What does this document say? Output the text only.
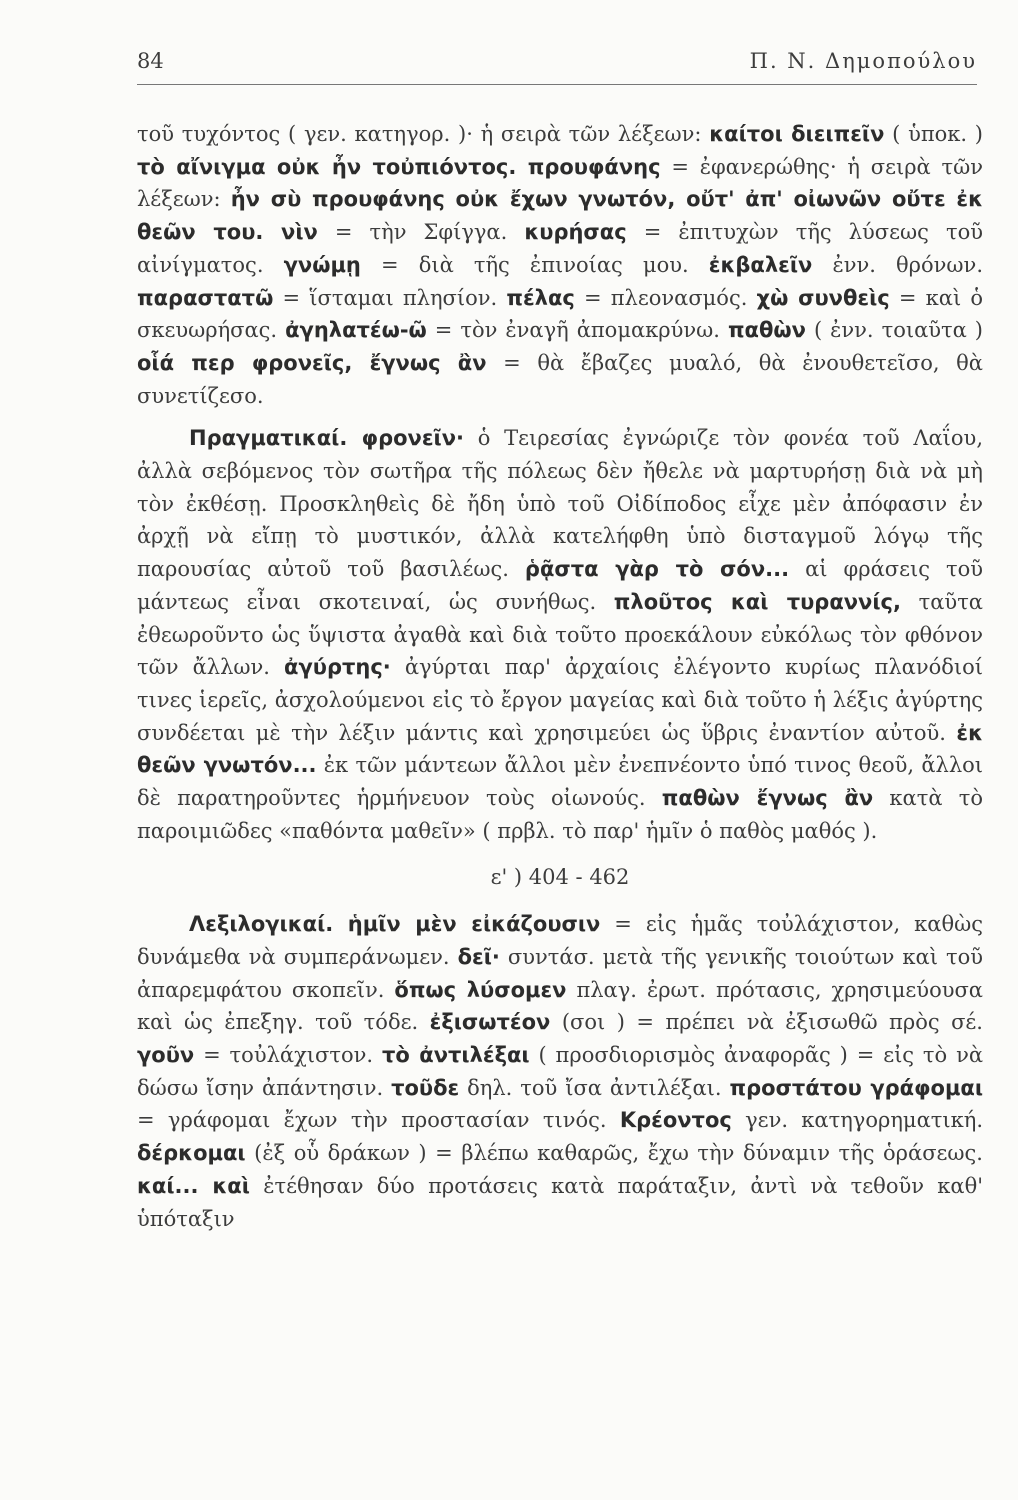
84	Π. Ν. Δημοπούλου

τοῦ τυχόντος ( γεν. κατηγορ. )· ἡ σειρὰ τῶν λέξεων: καίτοι διειπεῖν ( ὑποκ. ) τὸ αἴνιγμα οὐκ ἦν τοὐπιόντος. προυφάνης = ἐφανερώθης· ἡ σειρὰ τῶν λέξεων: ἦν σὺ προυφάνης οὐκ ἔχων γνωτόν, οὔτ' ἀπ' οἰωνῶν οὔτε ἐκ θεῶν του. νὶν = τὴν Σφίγγα. κυρήσας = ἐπιτυχὼν τῆς λύσεως τοῦ αἰνίγματος. γνώμῃ = διὰ τῆς ἐπινοίας μου. ἐκβαλεῖν ἐνν. θρόνων. παραστατῶ = ἵσταμαι πλησίον. πέλας = πλεονασμός. χὼ συνθεὶς = καὶ ὁ σκευωρήσας. ἀγηλατέω-ῶ = τὸν ἐναγῆ ἀπομακρύνω. παθὼν ( ἐνν. τοιαῦτα ) οἷά περ φρονεῖς, ἔγνως ἂν = θὰ ἔβαζες μυαλό, θὰ ἐνουθετεῖσο, θὰ συνετίζεσο.

Πραγματικαί. φρονεῖν· ὁ Τειρεσίας ἐγνώριζε τὸν φονέα τοῦ Λαΐου, ἀλλὰ σεβόμενος τὸν σωτῆρα τῆς πόλεως δὲν ἤθελε νὰ μαρτυρήσῃ διὰ νὰ μὴ τὸν ἐκθέσῃ. Προσκληθεὶς δὲ ἤδη ὑπὸ τοῦ Οἰδίποδος εἶχε μὲν ἀπόφασιν ἐν ἀρχῇ νὰ εἴπῃ τὸ μυστικόν, ἀλλὰ κατελήφθη ὑπὸ δισταγμοῦ λόγῳ τῆς παρουσίας αὐτοῦ τοῦ βασιλέως. ῥᾷστα γὰρ τὸ σόν... αἱ φράσεις τοῦ μάντεως εἶναι σκοτειναί, ὡς συνήθως. πλοῦτος καὶ τυραννίς, ταῦτα ἐθεωροῦντο ὡς ὕψιστα ἀγαθὰ καὶ διὰ τοῦτο προεκάλουν εὐκόλως τὸν φθόνον τῶν ἄλλων. ἀγύρτης· ἀγύρται παρ' ἀρχαίοις ἐλέγοντο κυρίως πλανόδιοί τινες ἱερεῖς, ἀσχολούμενοι εἰς τὸ ἔργον μαγείας καὶ διὰ τοῦτο ἡ λέξις ἀγύρτης συνδέεται μὲ τὴν λέξιν μάντις καὶ χρησιμεύει ὡς ὕβρις ἐναντίον αὐτοῦ. ἐκ θεῶν γνωτόν... ἐκ τῶν μάντεων ἄλλοι μὲν ἐνεπνέοντο ὑπό τινος θεοῦ, ἄλλοι δὲ παρατηροῦντες ἡρμήνευον τοὺς οἰωνούς. παθὼν ἔγνως ἂν κατὰ τὸ παροιμιῶδες «παθόντα μαθεῖν» ( πρβλ. τὸ παρ' ἡμῖν ὁ παθὸς μαθός ).

ε' ) 404 - 462

Λεξιλογικαί. ἡμῖν μὲν εἰκάζουσιν = εἰς ἡμᾶς τοὐλάχιστον, καθὼς δυνάμεθα νὰ συμπεράνωμεν. δεῖ· συντάσ. μετὰ τῆς γενικῆς τοιούτων καὶ τοῦ ἀπαρεμφάτου σκοπεῖν. ὅπως λύσομεν πλαγ. ἐρωτ. πρότασις, χρησιμεύουσα καὶ ὡς ἐπεξηγ. τοῦ τόδε. ἐξισωτέον (σοι ) = πρέπει νὰ ἐξισωθῶ πρὸς σέ. γοῦν = τοὐλάχιστον. τὸ ἀντιλέξαι ( προσδιορισμὸς ἀναφορᾶς ) = εἰς τὸ νὰ δώσω ἴσην ἀπάντησιν. τοῦδε δηλ. τοῦ ἴσα ἀντιλέξαι. προστάτου γράφομαι = γράφομαι ἔχων τὴν προστασίαν τινός. Κρέοντος γεν. κατηγορηματική. δέρκομαι (ἐξ οὗ δράκων ) = βλέπω καθαρῶς, ἔχω τὴν δύναμιν τῆς ὁράσεως. καί... καὶ ἐτέθησαν δύο προτάσεις κατὰ παράταξιν, ἀντὶ νὰ τεθοῦν καθ' ὑπόταξιν
